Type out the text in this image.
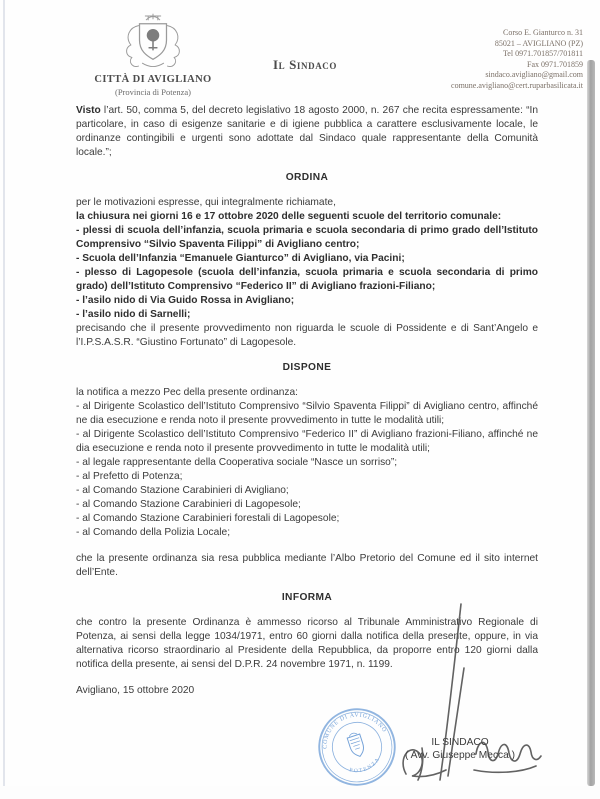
CITTÀ DI AVIGLIANO
(Provincia di Potenza)
Il Sindaco
Corso E. Gianturco n. 31
85021 – AVIGLIANO (PZ)
Tel 0971.701857/701811
Fax 0971.701859
sindaco.avigliano@gmail.com
comune.avigliano@cert.ruparbasilicata.it

Visto l’art. 50, comma 5, del decreto legislativo 18 agosto 2000, n. 267 che recita espressamente: “In particolare, in caso di esigenze sanitarie e di igiene pubblica a carattere esclusivamente locale, le ordinanze contingibili e urgenti sono adottate dal Sindaco quale rappresentante della Comunità locale.”;

ORDINA

per le motivazioni espresse, qui integralmente richiamate,

la chiusura nei giorni 16 e 17 ottobre 2020 delle seguenti scuole del territorio comunale:

- plessi di scuola dell’infanzia, scuola primaria e scuola secondaria di primo grado dell’Istituto Comprensivo “Silvio Spaventa Filippi” di Avigliano centro;

- Scuola dell’Infanzia “Emanuele Gianturco” di Avigliano, via Pacini;

- plesso di Lagopesole (scuola dell’infanzia, scuola primaria e scuola secondaria di primo grado) dell’Istituto Comprensivo “Federico II” di Avigliano frazioni-Filiano;

- l’asilo nido di Via Guido Rossa in Avigliano;

- l’asilo nido di Sarnelli;

precisando che il presente provvedimento non riguarda le scuole di Possidente e di Sant’Angelo e l’I.P.S.A.S.R. “Giustino Fortunato” di Lagopesole.

DISPONE

la notifica a mezzo Pec della presente ordinanza:

- al Dirigente Scolastico dell’Istituto Comprensivo “Silvio Spaventa Filippi” di Avigliano centro, affinché ne dia esecuzione e renda noto il presente provvedimento in tutte le modalità utili;

- al Dirigente Scolastico dell’Istituto Comprensivo “Federico II” di Avigliano frazioni-Filiano, affinché ne dia esecuzione e renda noto il presente provvedimento in tutte le modalità utili;

- al legale rappresentante della Cooperativa sociale “Nasce un sorriso”;

- al Prefetto di Potenza;

- al Comando Stazione Carabinieri di Avigliano;

- al Comando Stazione Carabinieri di Lagopesole;

- al Comando Stazione Carabinieri forestali di Lagopesole;

- al Comando della Polizia Locale;

che la presente ordinanza sia resa pubblica mediante l’Albo Pretorio del Comune ed il sito internet dell’Ente.

INFORMA

che contro la presente Ordinanza è ammesso ricorso al Tribunale Amministrativo Regionale di Potenza, ai sensi della legge 1034/1971, entro 60 giorni dalla notifica della presente, oppure, in via alternativa ricorso straordinario al Presidente della Repubblica, da proporre entro 120 giorni dalla notifica della presente, ai sensi del D.P.R. 24 novembre 1971, n. 1199.

Avigliano, 15 ottobre 2020

COMUNE DI AVIGLIANO
POTENZA
IL SINDACO
( Avv. Giuseppe Mecca )
